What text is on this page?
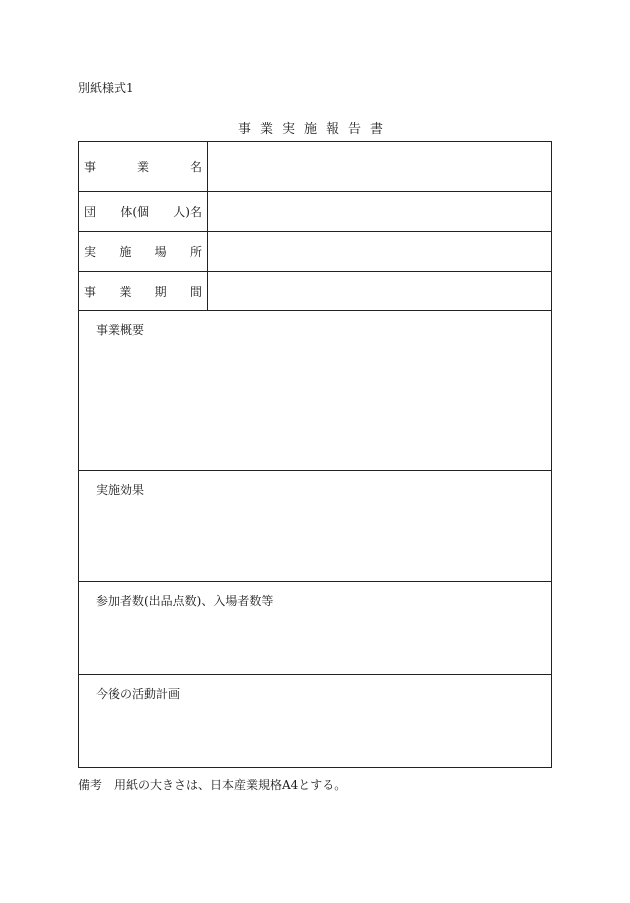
別紙様式1
事業実施報告書
事	業	名
団 体(個 人)名
実 施 場 所
事 業 期 間
事業概要
実施効果
参加者数(出品点数)、入場者数等
今後の活動計画
備考　用紙の大きさは、日本産業規格A4とする。
